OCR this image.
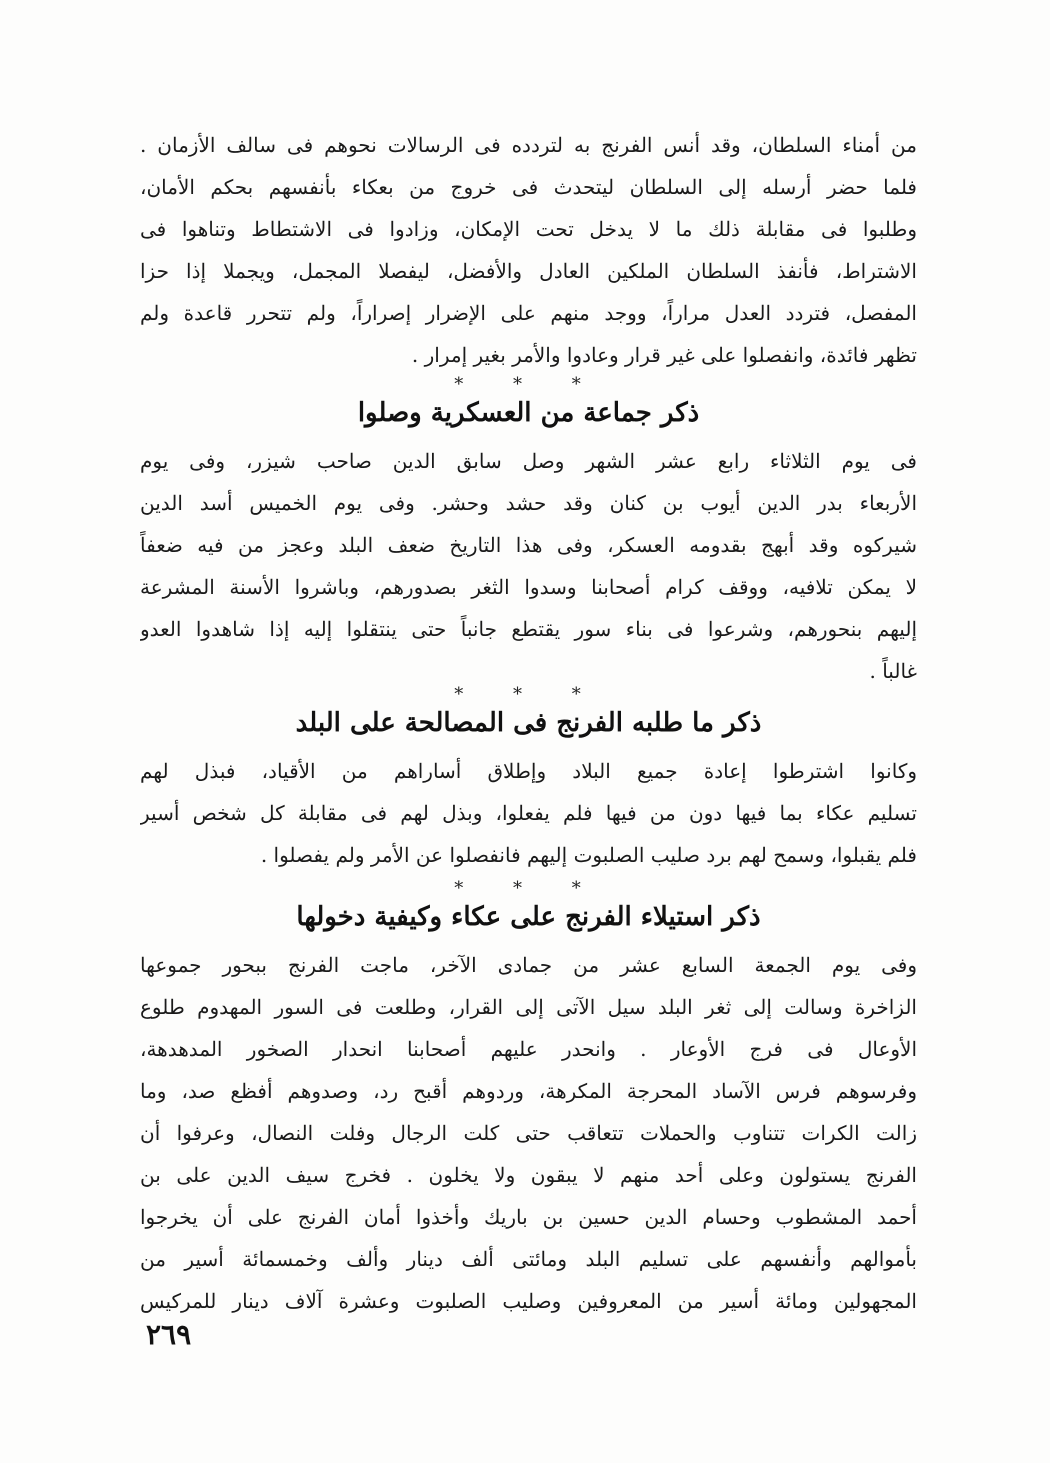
من أمناء السلطان، وقد أنس الفرنج به لتردده فى الرسالات نحوهم فى سالف الأزمان .
فلما حضر أرسله إلى السلطان ليتحدث فى خروج من بعكاء بأنفسهم بحكم الأمان،
وطلبوا فى مقابلة ذلك ما لا يدخل تحت الإمكان، وزادوا فى الاشتطاط وتناهوا فى
الاشتراط، فأنفذ السلطان الملكين العادل والأفضل، ليفصلا المجمل، ويجملا إذا حزا
المفصل، فتردد العدل مراراً، ووجد منهم على الإضرار إصراراً، ولم تتحرر قاعدة ولم
تظهر فائدة، وانفصلوا على غير قرار وعادوا والأمر بغير إمرار .
* * *
ذكر جماعة من العسكرية وصلوا
فى يوم الثلاثاء رابع عشر الشهر وصل سابق الدين صاحب شيزر، وفى يوم
الأربعاء بدر الدين أيوب بن كنان وقد حشد وحشر. وفى يوم الخميس أسد الدين
شيركوه وقد أبهج بقدومه العسكر، وفى هذا التاريخ ضعف البلد وعجز من فيه ضعفاً
لا يمكن تلافيه، ووقف كرام أصحابنا وسدوا الثغر بصدورهم، وباشروا الأسنة المشرعة
إليهم بنحورهم، وشرعوا فى بناء سور يقتطع جانباً حتى ينتقلوا إليه إذا شاهدوا العدو
غالباً .
* * *
ذكر ما طلبه الفرنج فى المصالحة على البلد
وكانوا اشترطوا إعادة جميع البلاد وإطلاق أساراهم من الأقياد، فبذل لهم
تسليم عكاء بما فيها دون من فيها فلم يفعلوا، وبذل لهم فى مقابلة كل شخص أسير
فلم يقبلوا، وسمح لهم برد صليب الصلبوت إليهم فانفصلوا عن الأمر ولم يفصلوا .
* * *
ذكر استيلاء الفرنج على عكاء وكيفية دخولها
وفى يوم الجمعة السابع عشر من جمادى الآخر، ماجت الفرنج ببحور جموعها
الزاخرة وسالت إلى ثغر البلد سيل الآتى إلى القرار، وطلعت فى السور المهدوم طلوع
الأوعال فى فرج الأوعار . وانحدر عليهم أصحابنا انحدار الصخور المدهدهة،
وفرسوهم فرس الآساد المحرجة المكرهة، وردوهم أقبح رد، وصدوهم أفظع صد، وما
زالت الكرات تتناوب والحملات تتعاقب حتى كلت الرجال وفلت النصال، وعرفوا أن
الفرنج يستولون وعلى أحد منهم لا يبقون ولا يخلون . فخرج سيف الدين على بن
أحمد المشطوب وحسام الدين حسين بن باريك وأخذوا أمان الفرنج على أن يخرجوا
بأموالهم وأنفسهم على تسليم البلد ومائتى ألف دينار وألف وخمسمائة أسير من
المجهولين ومائة أسير من المعروفين وصليب الصلبوت وعشرة آلاف دينار للمركيس
٢٦٩
